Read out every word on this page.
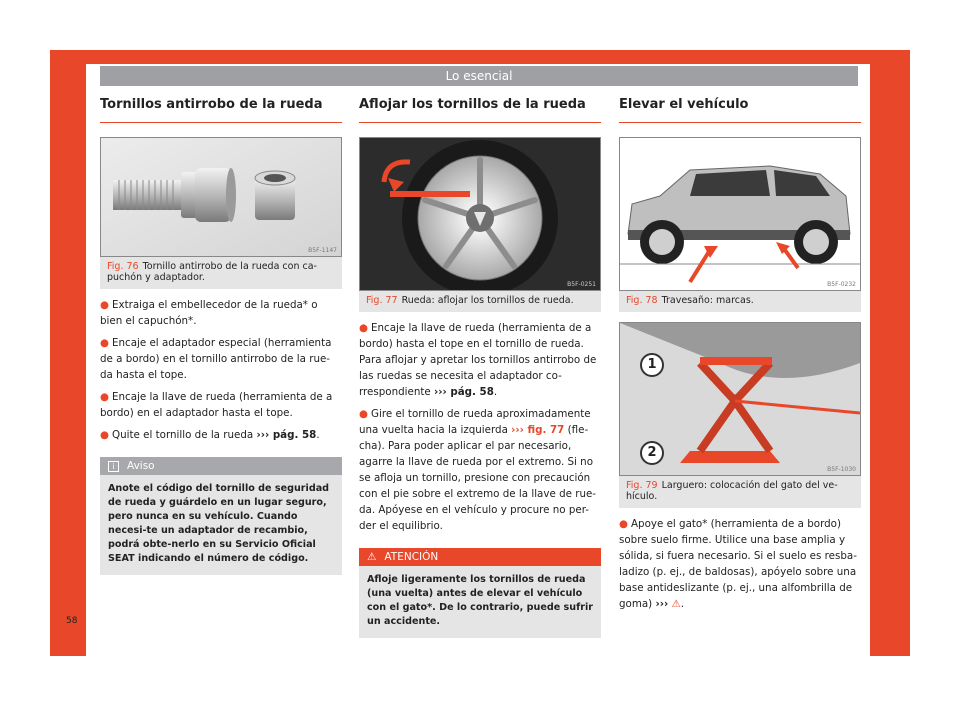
Lo esencial
Tornillos antirrobo de la rueda
B5F-1147
Fig. 76 Tornillo antirrobo de la rueda con ca-puchón y adaptador.
● Extraiga el embellecedor de la rueda* o bien el capuchón*.
● Encaje el adaptador especial (herramienta de a bordo) en el tornillo antirrobo de la rue-da hasta el tope.
● Encaje la llave de rueda (herramienta de a bordo) en el adaptador hasta el tope.
● Quite el tornillo de la rueda ››› pág. 58.
i Aviso
Anote el código del tornillo de seguridad de rueda y guárdelo en un lugar seguro, pero nunca en su vehículo. Cuando necesi-te un adaptador de recambio, podrá obte-nerlo en su Servicio Oficial SEAT indicando el número de código.
Aflojar los tornillos de la rueda
B5F-0251
Fig. 77 Rueda: aflojar los tornillos de rueda.
● Encaje la llave de rueda (herramienta de a bordo) hasta el tope en el tornillo de rueda. Para aflojar y apretar los tornillos antirrobo de las ruedas se necesita el adaptador co-rrespondiente ››› pág. 58.
● Gire el tornillo de rueda aproximadamente una vuelta hacia la izquierda ››› fig. 77 (fle-cha). Para poder aplicar el par necesario, agarre la llave de rueda por el extremo. Si no se afloja un tornillo, presione con precaución con el pie sobre el extremo de la llave de rue-da. Apóyese en el vehículo y procure no per-der el equilibrio.
⚠ ATENCIÓN
Afloje ligeramente los tornillos de rueda (una vuelta) antes de elevar el vehículo con el gato*. De lo contrario, puede sufrir un accidente.
Elevar el vehículo
B5F-0232
Fig. 78 Travesaño: marcas.
1
2
B5F-1030
Fig. 79 Larguero: colocación del gato del ve-hículo.
● Apoye el gato* (herramienta de a bordo) sobre suelo firme. Utilice una base amplia y sólida, si fuera necesario. Si el suelo es resba-ladizo (p. ej., de baldosas), apóyelo sobre una base antideslizante (p. ej., una alfombrilla de goma) ››› ⚠.
58
